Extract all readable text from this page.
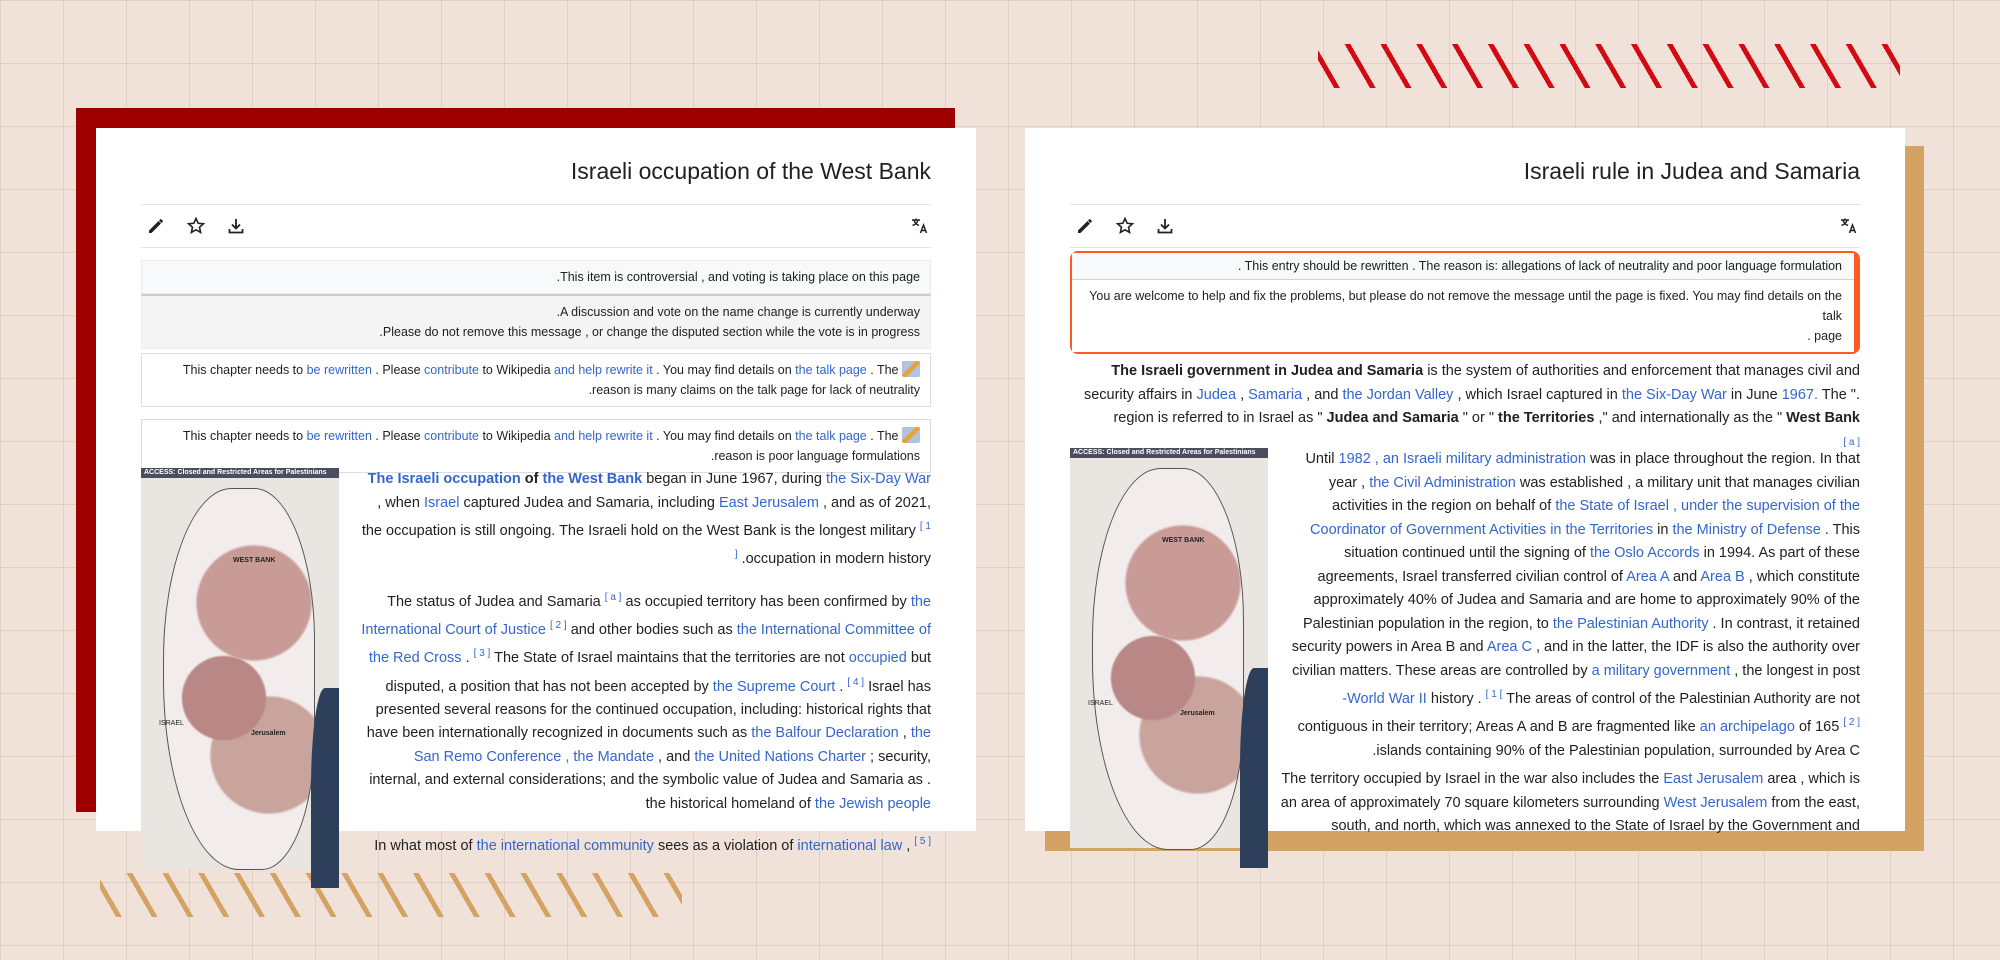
Israeli occupation of the West Bank
.This item is controversial , and voting is taking place on this page
.A discussion and vote on the name change is currently underway
.Please do not remove this message , or change the disputed section while the vote is in progress
This chapter needs to be rewritten . Please contribute to Wikipedia and help rewrite it . You may find details on the talk page . The
.reason is many claims on the talk page for lack of neutrality
This chapter needs to be rewritten . Please contribute to Wikipedia and help rewrite it . You may find details on the talk page . The
.reason is poor language formulations
ACCESS: Closed and Restricted Areas for Palestinians
WEST BANK
Jerusalem
ISRAEL

The Israeli occupation of the West Bank began in June 1967, during the Six-Day War , when Israel captured Judea and Samaria, including East Jerusalem , and as of 2021, the occupation is still ongoing. The Israeli hold on the West Bank is the longest military [ 1 ] .occupation in modern history

The status of Judea and Samaria [ a ] as occupied territory has been confirmed by the International Court of Justice [ 2 ] and other bodies such as the International Committee of the Red Cross . [ 3 ] The State of Israel maintains that the territories are not occupied but disputed, a position that has not been accepted by the Supreme Court . [ 4 ] Israel has presented several reasons for the continued occupation, including: historical rights that have been internationally recognized in documents such as the Balfour Declaration , the San Remo Conference , the Mandate , and the United Nations Charter ; security, internal, and external considerations; and the symbolic value of Judea and Samaria as . the historical homeland of the Jewish people

In what most of the international community sees as a violation of international law , [ 5 ]

Israeli rule in Judea and Samaria
. This entry should be rewritten . The reason is: allegations of lack of neutrality and poor language formulation
You are welcome to help and fix the problems, but please do not remove the message until the page is fixed. You may find details on the talk
. page
The Israeli government in Judea and Samaria is the system of authorities and enforcement that manages civil and security affairs in Judea , Samaria , and the Jordan Valley , which Israel captured in the Six-Day War in June 1967. The ". region is referred to in Israel as " Judea and Samaria " or " the Territories ," and internationally as the " West Bank
[ a ]
ACCESS: Closed and Restricted Areas for Palestinians
WEST BANK
Jerusalem
ISRAEL

Until 1982 , an Israeli military administration was in place throughout the region. In that year , the Civil Administration was established , a military unit that manages civilian activities in the region on behalf of the State of Israel , under the supervision of the Coordinator of Government Activities in the Territories in the Ministry of Defense . This situation continued until the signing of the Oslo Accords in 1994. As part of these agreements, Israel transferred civilian control of Area A and Area B , which constitute approximately 40% of Judea and Samaria and are home to approximately 90% of the Palestinian population in the region, to the Palestinian Authority . In contrast, it retained security powers in Area B and Area C , and in the latter, the IDF is also the authority over civilian matters. These areas are controlled by a military government , the longest in post -World War II history . $^{[ 1 [}$ The areas of control of the Palestinian Authority are not contiguous in their territory; Areas A and B are fragmented like an archipelago of 165 [ 2 ] .islands containing 90% of the Palestinian population, surrounded by Area C

The territory occupied by Israel in the war also includes the East Jerusalem area , which is an area of approximately 70 square kilometers surrounding West Jerusalem from the east, south, and north, which was annexed to the State of Israel by the Government and
